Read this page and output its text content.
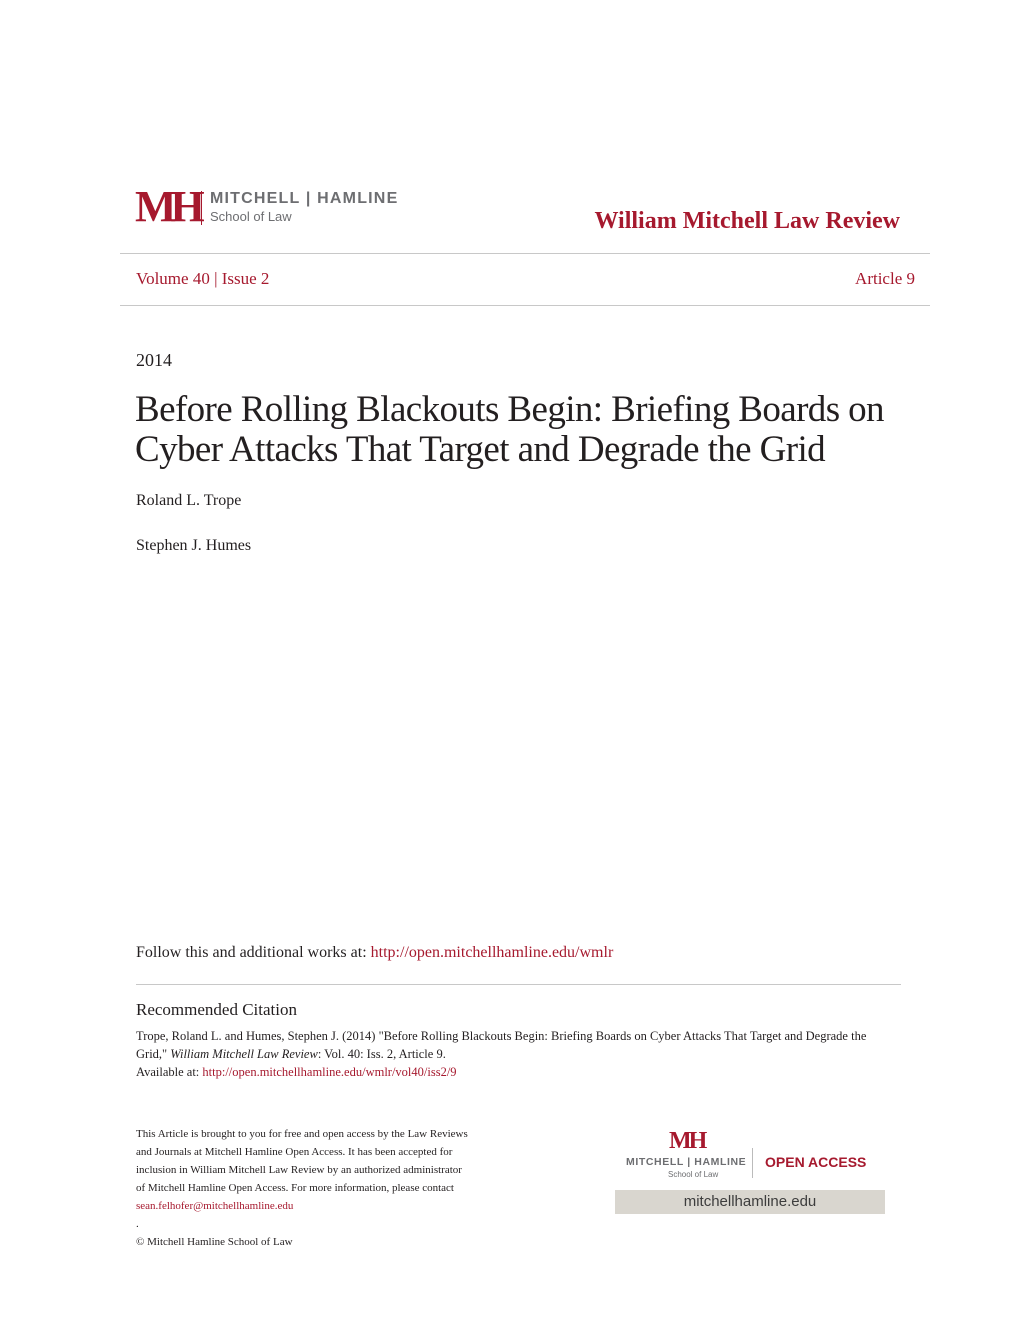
MH MITCHELL | HAMLINE
School of Law	William Mitchell Law Review
Volume 40 | Issue 2	Article 9
2014
Before Rolling Blackouts Begin: Briefing Boards on
Cyber Attacks That Target and Degrade the Grid
Roland L. Trope
Stephen J. Humes
Follow this and additional works at: http://open.mitchellhamline.edu/wmlr
Recommended Citation
Trope, Roland L. and Humes, Stephen J. (2014) "Before Rolling Blackouts Begin: Briefing Boards on Cyber Attacks That Target and Degrade the Grid," William Mitchell Law Review: Vol. 40: Iss. 2, Article 9.
Available at: http://open.mitchellhamline.edu/wmlr/vol40/iss2/9
This Article is brought to you for free and open access by the Law Reviews
and Journals at Mitchell Hamline Open Access. It has been accepted for
inclusion in William Mitchell Law Review by an authorized administrator
of Mitchell Hamline Open Access. For more information, please contact
sean.felhofer@mitchellhamline.edu
.
© Mitchell Hamline School of Law
MH
MITCHELL | HAMLINE
School of Law
OPEN ACCESS
mitchellhamline.edu
